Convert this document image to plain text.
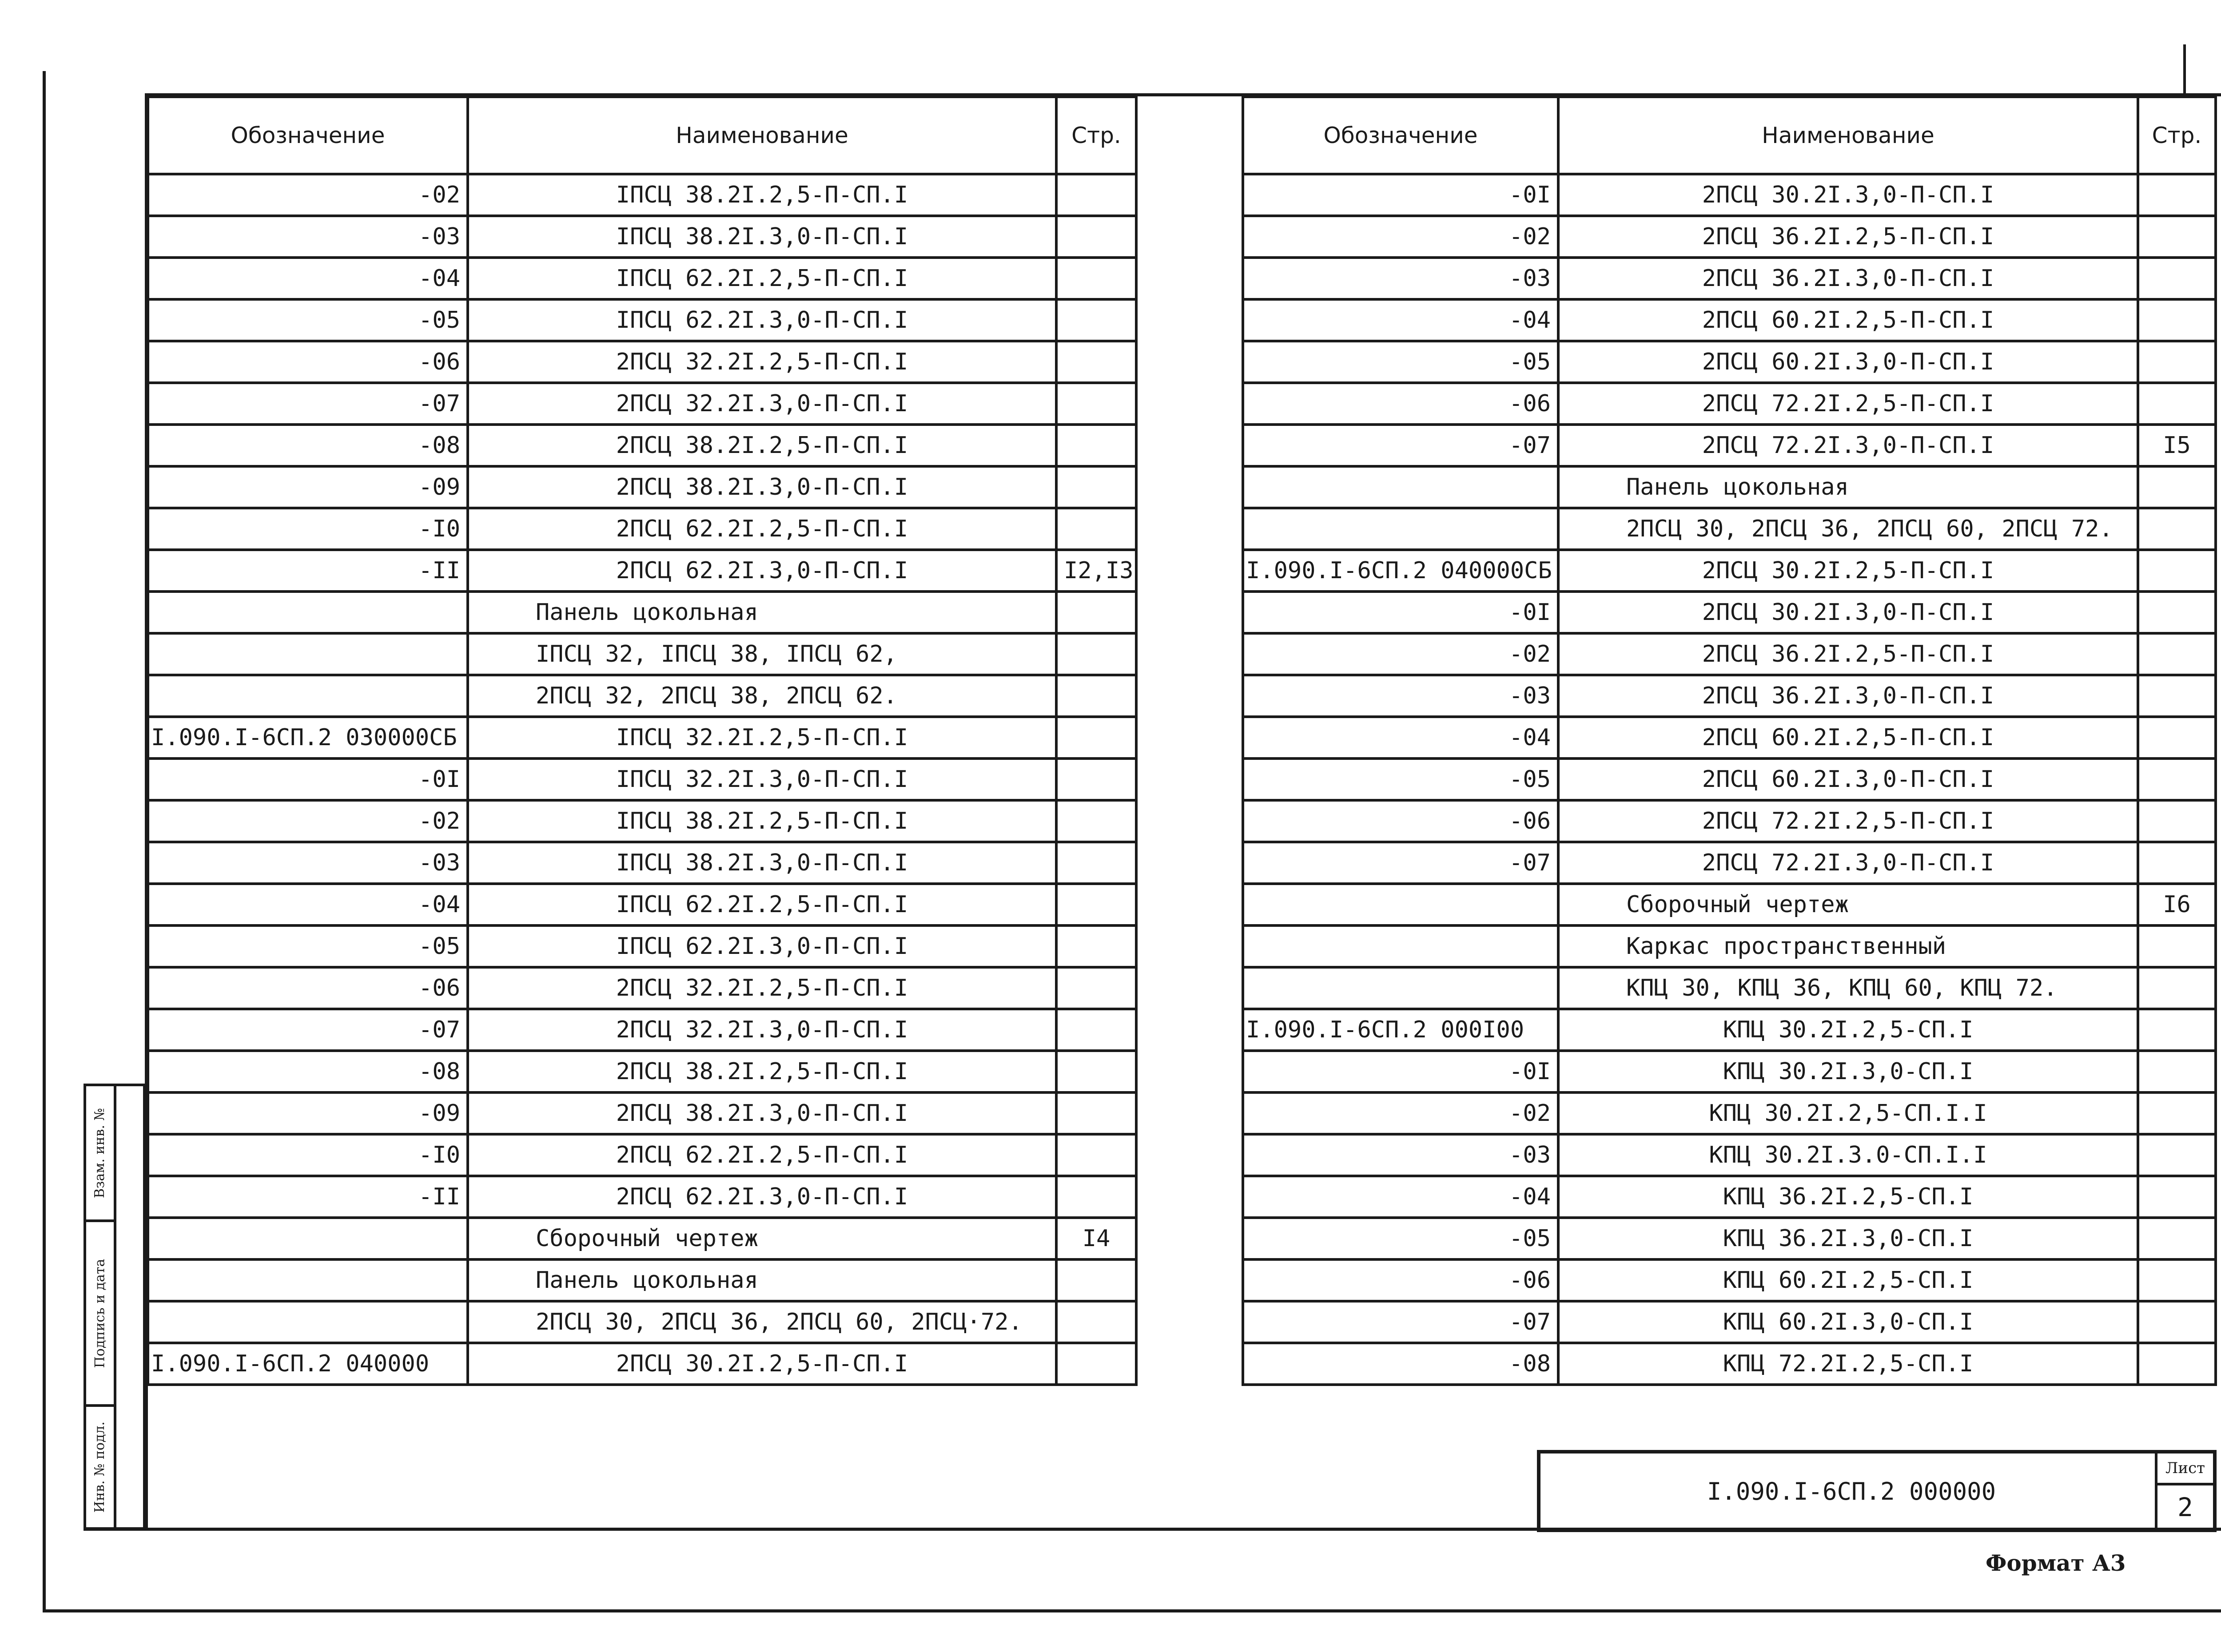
Обозначение	Наименование	Стр.
-02	IПСЦ 38.2I.2,5-П-СП.I	
-03	IПСЦ 38.2I.3,0-П-СП.I	
-04	IПСЦ 62.2I.2,5-П-СП.I	
-05	IПСЦ 62.2I.3,0-П-СП.I	
-06	2ПСЦ 32.2I.2,5-П-СП.I	
-07	2ПСЦ 32.2I.3,0-П-СП.I	
-08	2ПСЦ 38.2I.2,5-П-СП.I	
-09	2ПСЦ 38.2I.3,0-П-СП.I	
-I0	2ПСЦ 62.2I.2,5-П-СП.I	
-II	2ПСЦ 62.2I.3,0-П-СП.I	I2,I3
	Панель цокольная	
	IПСЦ 32, IПСЦ 38, IПСЦ 62,	
	2ПСЦ 32, 2ПСЦ 38, 2ПСЦ 62.	
I.090.I-6СП.2 030000СБ	IПСЦ 32.2I.2,5-П-СП.I	
-0I	IПСЦ 32.2I.3,0-П-СП.I	
-02	IПСЦ 38.2I.2,5-П-СП.I	
-03	IПСЦ 38.2I.3,0-П-СП.I	
-04	IПСЦ 62.2I.2,5-П-СП.I	
-05	IПСЦ 62.2I.3,0-П-СП.I	
-06	2ПСЦ 32.2I.2,5-П-СП.I	
-07	2ПСЦ 32.2I.3,0-П-СП.I	
-08	2ПСЦ 38.2I.2,5-П-СП.I	
-09	2ПСЦ 38.2I.3,0-П-СП.I	
-I0	2ПСЦ 62.2I.2,5-П-СП.I	
-II	2ПСЦ 62.2I.3,0-П-СП.I	
	Сборочный чертеж	I4
	Панель цокольная	
	2ПСЦ 30, 2ПСЦ 36, 2ПСЦ 60, 2ПСЦ·72.	
I.090.I-6СП.2 040000	2ПСЦ 30.2I.2,5-П-СП.I	
Обозначение	Наименование	Стр.
-0I	2ПСЦ 30.2I.3,0-П-СП.I	
-02	2ПСЦ 36.2I.2,5-П-СП.I	
-03	2ПСЦ 36.2I.3,0-П-СП.I	
-04	2ПСЦ 60.2I.2,5-П-СП.I	
-05	2ПСЦ 60.2I.3,0-П-СП.I	
-06	2ПСЦ 72.2I.2,5-П-СП.I	
-07	2ПСЦ 72.2I.3,0-П-СП.I	I5
	Панель цокольная	
	2ПСЦ 30, 2ПСЦ 36, 2ПСЦ 60, 2ПСЦ 72.	
I.090.I-6СП.2 040000СБ	2ПСЦ 30.2I.2,5-П-СП.I	
-0I	2ПСЦ 30.2I.3,0-П-СП.I	
-02	2ПСЦ 36.2I.2,5-П-СП.I	
-03	2ПСЦ 36.2I.3,0-П-СП.I	
-04	2ПСЦ 60.2I.2,5-П-СП.I	
-05	2ПСЦ 60.2I.3,0-П-СП.I	
-06	2ПСЦ 72.2I.2,5-П-СП.I	
-07	2ПСЦ 72.2I.3,0-П-СП.I	
	Сборочный чертеж	I6
	Каркас пространственный	
	КПЦ 30, КПЦ 36, КПЦ 60, КПЦ 72.	
I.090.I-6СП.2 000I00	КПЦ 30.2I.2,5-СП.I	
-0I	КПЦ 30.2I.3,0-СП.I	
-02	КПЦ 30.2I.2,5-СП.I.I	
-03	КПЦ 30.2I.3.0-СП.I.I	
-04	КПЦ 36.2I.2,5-СП.I	
-05	КПЦ 36.2I.3,0-СП.I	
-06	КПЦ 60.2I.2,5-СП.I	
-07	КПЦ 60.2I.3,0-СП.I	
-08	КПЦ 72.2I.2,5-СП.I	
Взам. инв. №
Подпись и дата
Инв. № подл.	I.090.I-6СП.2 000000
Лист
2
Формат А3
